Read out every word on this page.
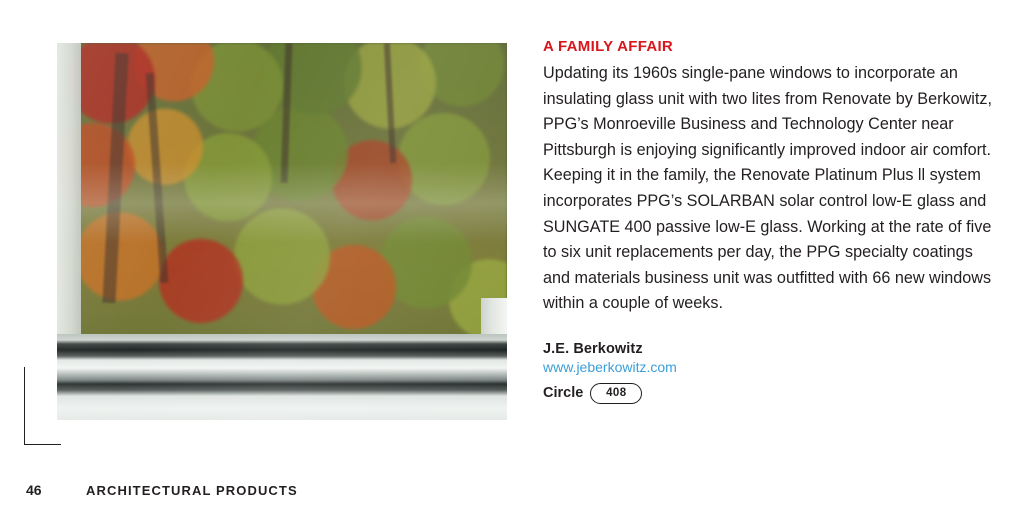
A FAMILY AFFAIR

Updating its 1960s single-pane windows to incorporate an insulating glass unit with two lites from Renovate by Berkowitz, PPG’s Monroeville Business and Technology Center near Pittsburgh is enjoying significantly improved indoor air comfort. Keeping it in the family, the Renovate Platinum Plus ll system incorporates PPG’s SOLARBAN solar control low-E glass and SUNGATE 400 passive low-E glass. Working at the rate of five to six unit replacements per day, the PPG specialty coatings and materials business unit was outfitted with 66 new windows within a couple of weeks.

J.E. Berkowitz

www.jeberkowitz.com
Circle	408
46	ARCHITECTURAL PRODUCTS
